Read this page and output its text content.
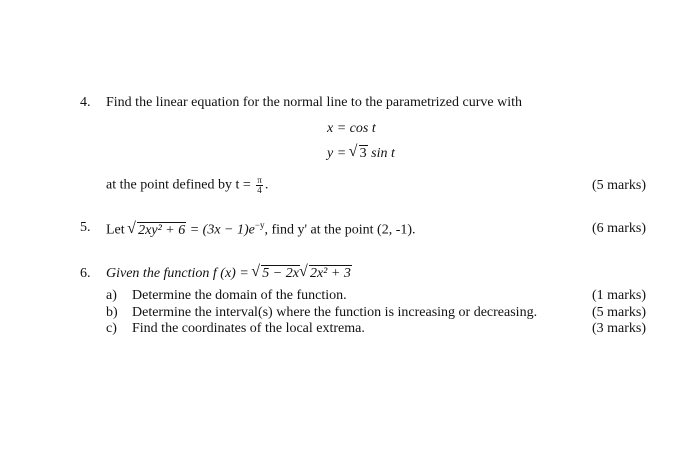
4. Find the linear equation for the normal line to the parametrized curve with
x = cos t
y = √ 3 sin t
at the point defined by $t = \frac{\pi}{4}$ .	(5 marks)
5. Let √ $2xy^2 + 6 = (3x - 1)e^{-y}$, find y' at the point (2, -1).	(6 marks)
6. Given the function f (x) = √ 5 − 2x√ 2x² + 3
a) Determine the domain of the function.	(1 marks)
b) Determine the interval(s) where the function is increasing or decreasing.	(5 marks)
c) Find the coordinates of the local extrema.	(3 marks)
